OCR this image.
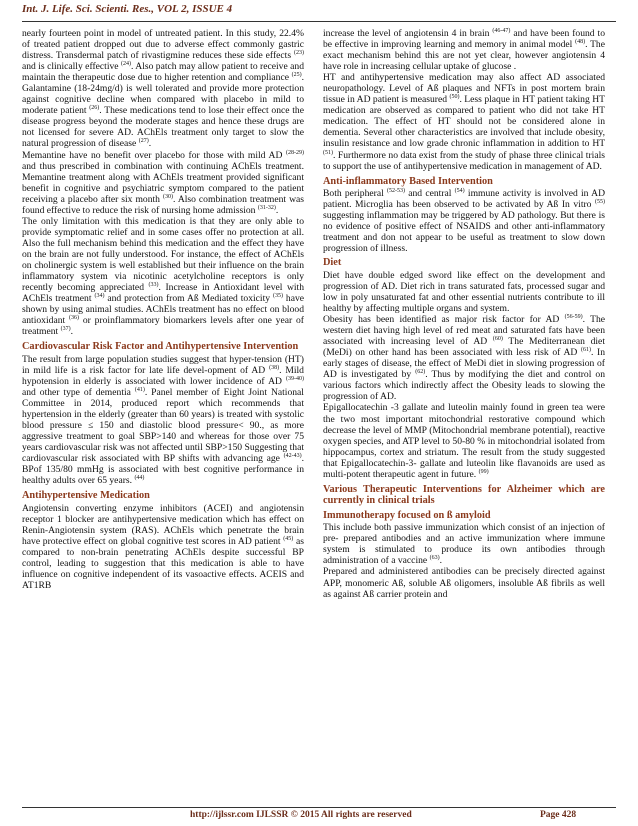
Int. J. Life. Sci. Scienti. Res., VOL 2, ISSUE 4

nearly fourteen point in model of untreated patient. In this study, 22.4% of treated patient dropped out due to adverse effect commonly gastric distress. Transdermal patch of rivastigmine reduces these side effects $^{(23)}$ and is clinically effective $^{(24)}$. Also patch may allow patient to receive and maintain the therapeutic dose due to higher retention and compliance $^{(25)}$. Galantamine (18-24mg/d) is well tolerated and provide more protection against cognitive decline when compared with placebo in mild to moderate patient $^{(26)}$. These medications tend to lose their effect once the disease progress beyond the moderate stages and hence these drugs are not licensed for severe AD. AChEls treatment only target to slow the natural progression of disease $^{(27)}$.

Memantine have no benefit over placebo for those with mild AD $^{(28-29)}$ and thus prescribed in combination with continuing AChEls treatment. Memantine treatment along with AChEls treatment provided significant benefit in cognitive and psychiatric symptom compared to the patient receiving a placebo after six month $^{(30)}$. Also combination treatment was found effective to reduce the risk of nursing home admission $^{(31-32)}$.

The only limitation with this medication is that they are only able to provide symptomatic relief and in some cases offer no protection at all. Also the full mechanism behind this medication and the effect they have on the brain are not fully understood. For instance, the effect of AChEls on cholinergic system is well established but their influence on the brain inflammatory system via nicotinic acetylcholine receptors is only recently becoming appreciated $^{(33)}$. Increase in Antioxidant level with AChEls treatment $^{(34)}$ and protection from Aß Mediated toxicity $^{(35)}$ have shown by using animal studies. AChEls treatment has no effect on blood antioxidant $^{(36)}$ or proinflammatory biomarkers levels after one year of treatment $^{(37)}$.

Cardiovascular Risk Factor and Antihypertensive Intervention

The result from large population studies suggest that hyper-tension (HT) in mild life is a risk factor for late life devel-opment of AD $^{(38)}$. Mild hypotension in elderly is associated with lower incidence of AD $^{(39-40)}$ and other type of dementia $^{(41)}$. Panel member of Eight Joint National Committee in 2014, produced report which recommends that hypertension in the elderly (greater than 60 years) is treated with systolic blood pressure ≤ 150 and diastolic blood pressure< 90., as more aggressive treatment to goal SBP>140 and whereas for those over 75 years cardiovascular risk was not affected until SBP>150 Suggesting that cardiovascular risk associated with BP shifts with advancing age $^{(42-43)}$. BPof 135/80 mmHg is associated with best cognitive performance in healthy adults over 65 years. $^{(44)}$

Antihypertensive Medication

Angiotensin converting enzyme inhibitors (ACEI) and angiotensin receptor 1 blocker are antihypertensive medication which has effect on Renin-Angiotensin system (RAS). AChEls which penetrate the brain have protective effect on global cognitive test scores in AD patient $^{(45)}$ as compared to non-brain penetrating AChEls despite successful BP control, leading to suggestion that this medication is able to have influence on cognitive independent of its vasoactive effects. ACEIS and AT1RB

increase the level of angiotensin 4 in brain $^{(46-47)}$ and have been found to be effective in improving learning and memory in animal model $^{(48)}$. The exact mechanism behind this are not yet clear, however angiotensin 4 have role in increasing cellular uptake of glucose .

HT and antihypertensive medication may also affect AD associated neuropathology. Level of Aß plaques and NFTs in post mortem brain tissue in AD patient is measured $^{(50)}$. Less plaque in HT patient taking HT medication are observed as compared to patient who did not take HT medication. The effect of HT should not be considered alone in dementia. Several other characteristics are involved that include obesity, insulin resistance and low grade chronic inflammation in addition to HT $^{(51)}$. Furthermore no data exist from the study of phase three clinical trials to support the use of antihypertensive medication in management of AD.

Anti-inflammatory Based Intervention

Both peripheral $^{(52-53)}$ and central $^{(54)}$ immune activity is involved in AD patient. Microglia has been observed to be activated by Aß In vitro $^{(55)}$ suggesting inflammation may be triggered by AD pathology. But there is no evidence of positive effect of NSAIDS and other anti-inflammatory treatment and don not appear to be useful as treatment to slow down progression of illness.

Diet

Diet have double edged sword like effect on the development and progression of AD. Diet rich in trans saturated fats, processed sugar and low in poly unsaturated fat and other essential nutrients contribute to ill healthy by affecting multiple organs and system.

Obesity has been identified as major risk factor for AD $^{(56-59)}$. The western diet having high level of red meat and saturated fats have been associated with increasing level of AD $^{(60)}$ The Mediterranean diet (MeDi) on other hand has been associated with less risk of AD $^{(61)}$. In early stages of disease, the effect of MeDi diet in slowing progression of AD is investigated by $^{(62)}$. Thus by modifying the diet and control on various factors which indirectly affect the Obesity leads to slowing the progression of AD.

Epigallocatechin -3 gallate and luteolin mainly found in green tea were the two most important mitochondrial restorative compound which decrease the level of MMP (Mitochondrial membrane potential), reactive oxygen species, and ATP level to 50-80 % in mitochondrial isolated from hippocampus, cortex and striatum. The result from the study suggested that Epigallocatechin-3- gallate and luteolin like flavanoids are used as multi-potent therapeutic agent in future. $^{(99)}$

Various Therapeutic Interventions for Alzheimer which are currently in clinical trials
Immunotherapy focused on ß amyloid

This include both passive immunization which consist of an injection of pre- prepared antibodies and an active immunization where immune system is stimulated to produce its own antibodies through administration of a vaccine $^{(63)}$.

Prepared and administered antibodies can be precisely directed against APP, monomeric Aß, soluble Aß oligomers, insoluble Aß fibrils as well as against Aß carrier protein and

http://ijlssr.com IJLSSR © 2015 All rights are reserved	Page 428
